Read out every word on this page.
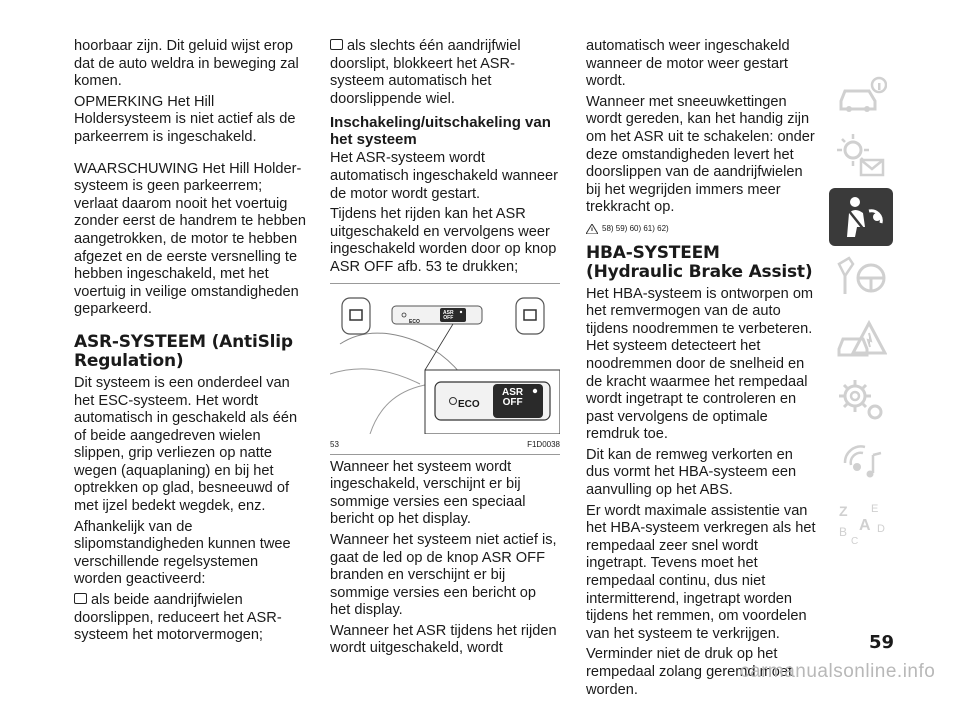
hoorbaar zijn. Dit geluid wijst erop dat de auto weldra in beweging zal komen.

OPMERKING Het Hill Holdersysteem is niet actief als de parkeerrem is ingeschakeld.

WAARSCHUWING Het Hill Holder-systeem is geen parkeerrem; verlaat daarom nooit het voertuig zonder eerst de handrem te hebben aangetrokken, de motor te hebben afgezet en de eerste versnelling te hebben ingeschakeld, met het voertuig in veilige omstandigheden geparkeerd.

ASR-SYSTEEM (AntiSlip Regulation)

Dit systeem is een onderdeel van het ESC-systeem. Het wordt automatisch in geschakeld als één of beide aangedreven wielen slippen, grip verliezen op natte wegen (aquaplaning) en bij het optrekken op glad, besneeuwd of met ijzel bedekt wegdek, enz.

Afhankelijk van de slipomstandigheden kunnen twee verschillende regelsystemen worden geactiveerd:

als beide aandrijfwielen doorslippen, reduceert het ASR-systeem het motorvermogen;

als slechts één aandrijfwiel doorslipt, blokkeert het ASR-systeem automatisch het doorslippende wiel.

Inschakeling/uitschakeling van het systeem

Het ASR-systeem wordt automatisch ingeschakeld wanneer de motor wordt gestart.

Tijdens het rijden kan het ASR uitgeschakeld en vervolgens weer ingeschakeld worden door op knop ASR OFF afb. 53 te drukken;

ECO
ASR
OFF
ECO
ASR
OFF
53	F1D0038

Wanneer het systeem wordt ingeschakeld, verschijnt er bij sommige versies een speciaal bericht op het display.

Wanneer het systeem niet actief is, gaat de led op de knop ASR OFF branden en verschijnt er bij sommige versies een bericht op het display.

Wanneer het ASR tijdens het rijden wordt uitgeschakeld, wordt

automatisch weer ingeschakeld wanneer de motor weer gestart wordt.

Wanneer met sneeuwkettingen wordt gereden, kan het handig zijn om het ASR uit te schakelen: onder deze omstandigheden levert het doorslippen van de aandrijfwielen bij het wegrijden immers meer trekkracht op.

58) 59) 60) 61) 62)
HBA-SYSTEEM (Hydraulic Brake Assist)

Het HBA-systeem is ontworpen om het remvermogen van de auto tijdens noodremmen te verbeteren. Het systeem detecteert het noodremmen door de snelheid en de kracht waarmee het rempedaal wordt ingetrapt te controleren en past vervolgens de optimale remdruk toe.

Dit kan de remweg verkorten en dus vormt het HBA-systeem een aanvulling op het ABS.

Er wordt maximale assistentie van het HBA-systeem verkregen als het rempedaal zeer snel wordt ingetrapt. Tevens moet het rempedaal continu, dus niet intermitterend, ingetrapt worden tijdens het remmen, om voordelen van het systeem te verkrijgen.

Verminder niet de druk op het rempedaal zolang geremd moet worden.

Z E
B A D
C
59
carmanualsonline.info
